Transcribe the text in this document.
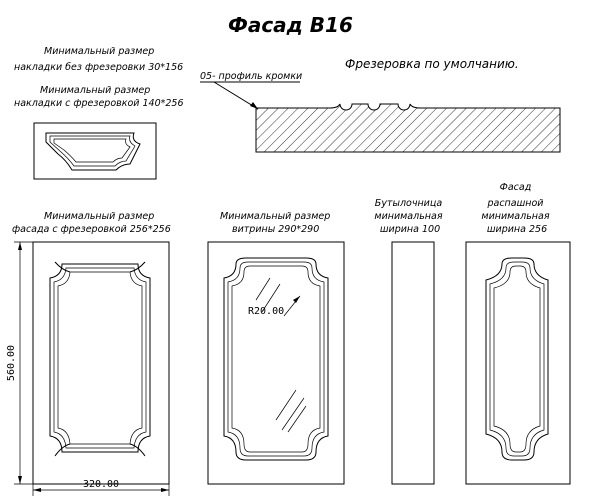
Фасад В16
Фрезеровка по умолчанию.
05- профиль кромки
Минимальный размер накладки без фрезеровки 30*156
Минимальный размер накладки с фрезеровкой 140*256
Минимальный размер фасада с фрезеровкой 256*256
Минимальный размер витрины 290*290
Бутылочница минимальная ширина 100
Фасад распашной минимальная ширина 256
560.00
320.00
R20.00
